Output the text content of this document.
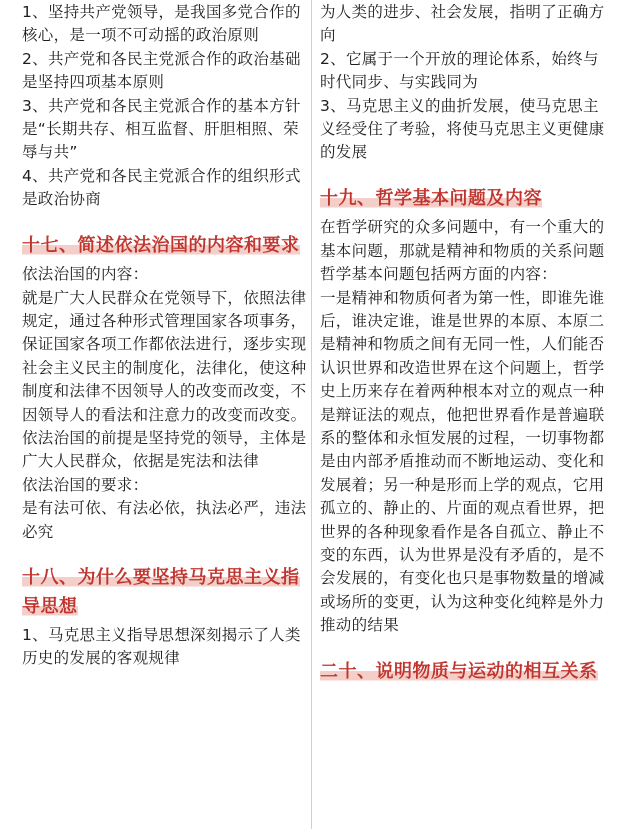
1、坚持共产党领导，是我国多党合作的核心，是一项不可动摇的政治原则

2、共产党和各民主党派合作的政治基础是坚持四项基本原则

3、共产党和各民主党派合作的基本方针是“长期共存、相互监督、肝胆相照、荣辱与共”

4、共产党和各民主党派合作的组织形式是政治协商

十七、简述依法治国的内容和要求

依法治国的内容：

就是广大人民群众在党领导下，依照法律规定，通过各种形式管理国家各项事务，保证国家各项工作都依法进行，逐步实现社会主义民主的制度化，法律化，使这种制度和法律不因领导人的改变而改变，不因领导人的看法和注意力的改变而改变。依法治国的前提是坚持党的领导，主体是广大人民群众，依据是宪法和法律

依法治国的要求：

是有法可依、有法必依，执法必严，违法必究

十八、为什么要坚持马克思主义指导思想

1、马克思主义指导思想深刻揭示了人类历史的发展的客观规律

为人类的进步、社会发展，指明了正确方向

2、它属于一个开放的理论体系，始终与时代同步、与实践同为

3、马克思主义的曲折发展，使马克思主义经受住了考验，将使马克思主义更健康的发展

十九、哲学基本问题及内容

在哲学研究的众多问题中，有一个重大的基本问题，那就是精神和物质的关系问题哲学基本问题包括两方面的内容：

一是精神和物质何者为第一性，即谁先谁后，谁决定谁，谁是世界的本原、本原二是精神和物质之间有无同一性，人们能否认识世界和改造世界在这个问题上，哲学史上历来存在着两种根本对立的观点一种是辩证法的观点，他把世界看作是普遍联系的整体和永恒发展的过程，一切事物都是由内部矛盾推动而不断地运动、变化和发展着；另一种是形而上学的观点，它用孤立的、静止的、片面的观点看世界，把世界的各种现象看作是各自孤立、静止不变的东西，认为世界是没有矛盾的，是不会发展的，有变化也只是事物数量的增减或场所的变更，认为这种变化纯粹是外力推动的结果

二十、说明物质与运动的相互关系
